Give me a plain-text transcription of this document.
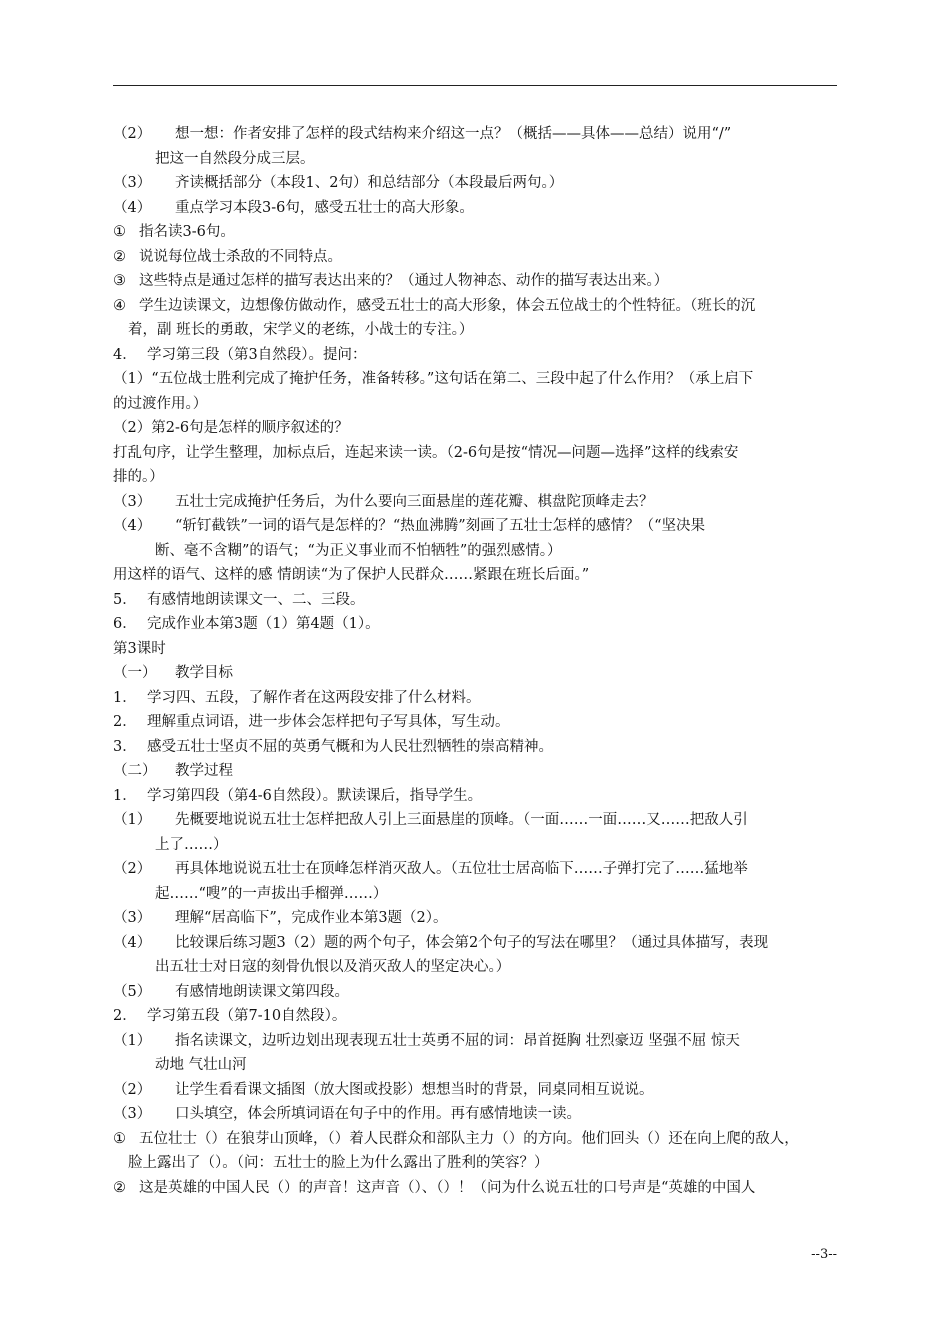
（2） 想一想：作者安排了怎样的段式结构来介绍这一点？（概括——具体——总结）说用“/”
把这一自然段分成三层。
（3） 齐读概括部分（本段1、2句）和总结部分（本段最后两句。）
（4） 重点学习本段3-6句，感受五壮士的高大形象。
① 指名读3-6句。
② 说说每位战士杀敌的不同特点。
③ 这些特点是通过怎样的描写表达出来的？（通过人物神态、动作的描写表达出来。）
④ 学生边读课文，边想像仿做动作，感受五壮士的高大形象，体会五位战士的个性特征。（班长的沉
着，副 班长的勇敢，宋学义的老练，小战士的专注。）
4． 学习第三段（第3自然段）。提问：
（1）“五位战士胜利完成了掩护任务，准备转移。”这句话在第二、三段中起了什么作用？（承上启下
的过渡作用。）
（2）第2-6句是怎样的顺序叙述的？
打乱句序，让学生整理，加标点后，连起来读一读。（2-6句是按“情况—问题—选择”这样的线索安
排的。）
（3） 五壮士完成掩护任务后，为什么要向三面悬崖的莲花瓣、棋盘陀顶峰走去？
（4） “斩钉截铁”一词的语气是怎样的？“热血沸腾”刻画了五壮士怎样的感情？（“坚决果
断、毫不含糊”的语气；“为正义事业而不怕牺牲”的强烈感情。）
用这样的语气、这样的感 情朗读“为了保护人民群众……紧跟在班长后面。”
5． 有感情地朗读课文一、二、三段。
6． 完成作业本第3题（1）第4题（1）。
第3课时
（一） 教学目标
1． 学习四、五段，了解作者在这两段安排了什么材料。
2． 理解重点词语，进一步体会怎样把句子写具体，写生动。
3． 感受五壮士坚贞不屈的英勇气概和为人民壮烈牺牲的崇高精神。
（二） 教学过程
1． 学习第四段（第4-6自然段）。默读课后，指导学生。
（1） 先概要地说说五壮士怎样把敌人引上三面悬崖的顶峰。（一面……一面……又……把敌人引
上了……）
（2） 再具体地说说五壮士在顶峰怎样消灭敌人。（五位壮士居高临下……子弹打完了……猛地举
起……“嗖”的一声拔出手榴弹……）
（3） 理解“居高临下”，完成作业本第3题（2）。
（4） 比较课后练习题3（2）题的两个句子，体会第2个句子的写法在哪里？（通过具体描写，表现
出五壮士对日寇的刻骨仇恨以及消灭敌人的坚定决心。）
（5） 有感情地朗读课文第四段。
2． 学习第五段（第7-10自然段）。
（1） 指名读课文，边听边划出现表现五壮士英勇不屈的词：昂首挺胸 壮烈豪迈 坚强不屈 惊天
动地 气壮山河
（2） 让学生看看课文插图（放大图或投影）想想当时的背景，同桌同相互说说。
（3） 口头填空，体会所填词语在句子中的作用。再有感情地读一读。
① 五位壮士（）在狼芽山顶峰，（）着人民群众和部队主力（）的方向。他们回头（）还在向上爬的敌人，
脸上露出了（）。（问：五壮士的脸上为什么露出了胜利的笑容？）
② 这是英雄的中国人民（）的声音！这声音（）、（）！（问为什么说五壮的口号声是“英雄的中国人
--3--
